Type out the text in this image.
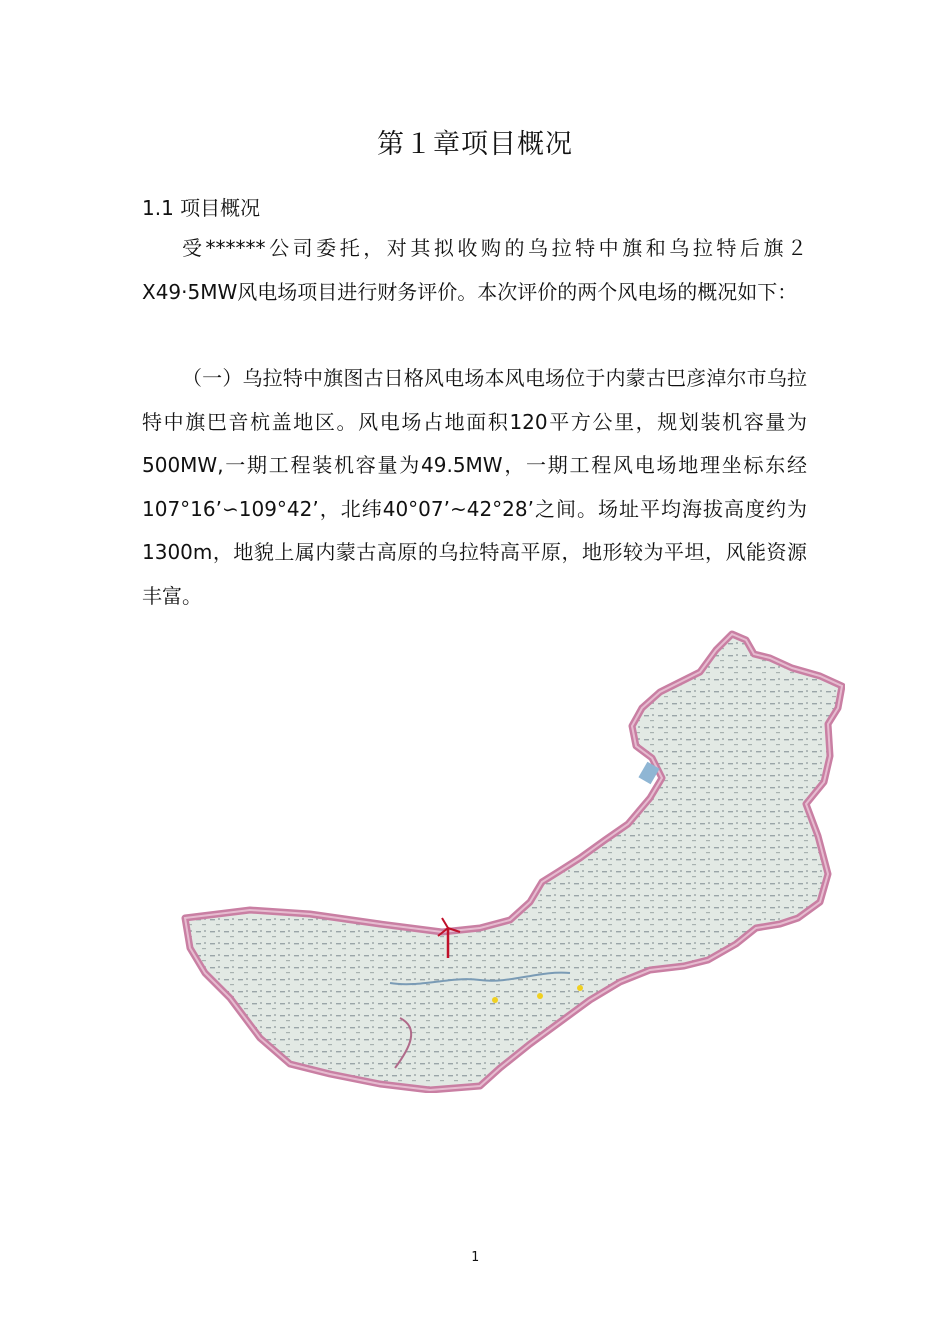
第１章项目概况
1.1 项目概况

受******公司委托，对其拟收购的乌拉特中旗和乌拉特后旗２X49·5MW风电场项目进行财务评价。本次评价的两个风电场的概况如下：

（一）乌拉特中旗图古日格风电场本风电场位于内蒙古巴彦淖尔市乌拉特中旗巴音杭盖地区。风电场占地面积120平方公里，规划装机容量为500MW,一期工程装机容量为49.5MW，一期工程风电场地理坐标东经107°16’∽109°42’，北纬40°07’~42°28’之间。场址平均海拔高度约为1300m，地貌上属内蒙古高原的乌拉特高平原，地形较为平坦，风能资源丰富。

1
